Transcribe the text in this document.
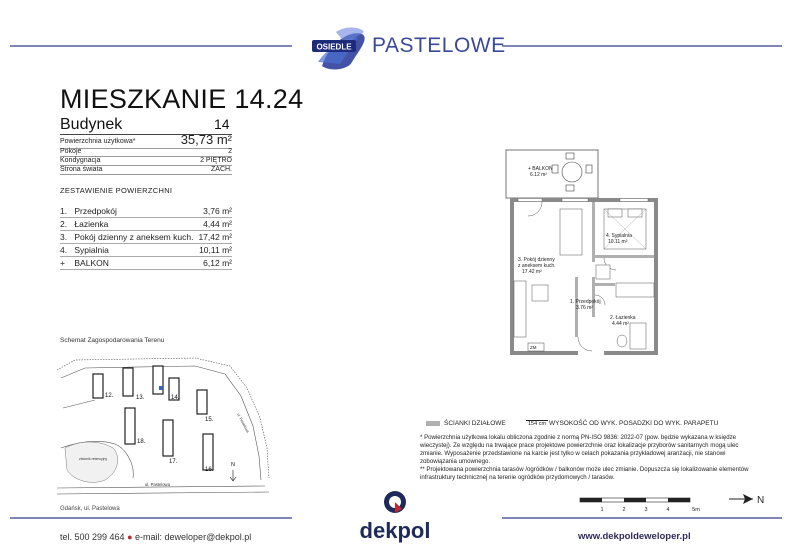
OSIEDLE PASTELOWE
MIESZKANIE 14.24
Budynek	14
Powierzchnia użytkowa*	35,73 m²
Pokoje	2
Kondygnacja	2 PIĘTRO
Strona świata	ZACH.
ZESTAWIENIE POWIERZCHNI
1. Przedpokój	3,76 m²
2. Łazienka	4,44 m²
3. Pokój dzienny z aneksem kuch. 17,42 m²
4. Sypialnia	10,11 m²
+ BALKON	6,12 m²
Schemat Zagospodarowania Terenu
12.	13.	14.
15.
18.
17.
16.
zbiornik retencyjny
ul. Pastelowa
ul. Pastelowa
N
Gdańsk, ul. Pastelowa
+ BALKON
6.12 m²
ZM
4. Sypialnia
10.11 m²
3. Pokój dzienny
z aneksem kuch.
17.42 m²
1. Przedpokój
3.76 m²
2. Łazienka
4.44 m²
ŚCIANKI DZIAŁOWE	154 cm WYSOKOŚĆ OD WYK. POSADZKI DO WYK. PARAPETU

* Powierzchnia użytkowa lokalu obliczona zgodnie z normą PN-ISO 9836: 2022-07 (pow. będzie wykazana w księdze wieczystej). Ze względu na trwające prace projektowe powierzchnie oraz lokalizacje przyborów sanitarnych mogą ulec zmianie. Wyposażenie przedstawione na karcie jest tylko w celach pokazania przykładowej aranżacji, nie stanowi zobowiązania umownego.

** Projektowana powierzchnia tarasów /ogródków / balkonów może ulec zmianie. Dopuszcza się lokalizowanie elementów infrastruktury technicznej na terenie ogródków przydomowych / tarasów.

dekpol
1	2	3	4	5m
N
tel. 500 299 464 ● e-mail: deweloper@dekpol.pl	www.dekpoldeweloper.pl
